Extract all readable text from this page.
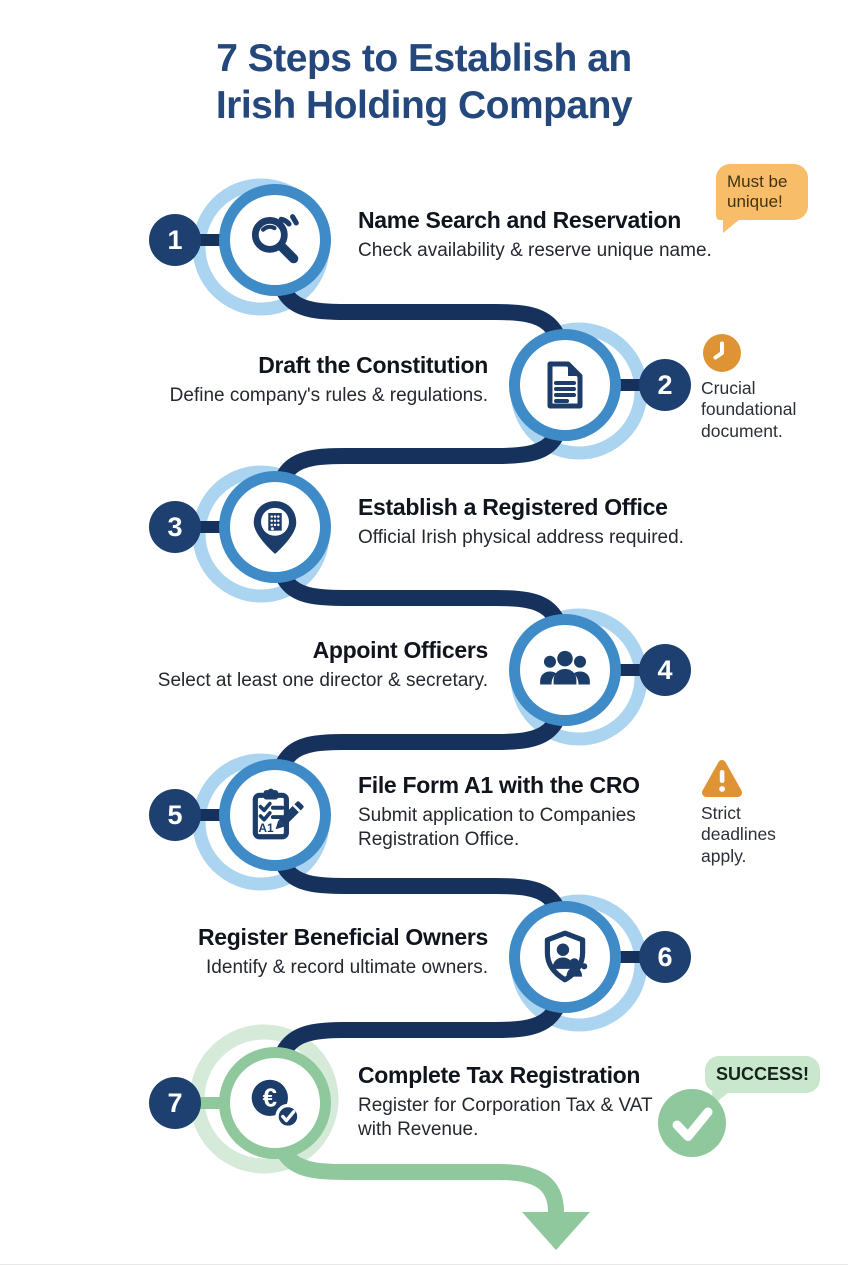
7 Steps to Establish an
Irish Holding Company
1
Name Search and Reservation
Check availability & reserve unique name.
Must be unique!
2
Draft the Constitution
Define company's rules & regulations.	Crucial foundational document.
3
Establish a Registered Office
Official Irish physical address required.
4
Appoint Officers
Select at least one director & secretary.
5	A1
File Form A1 with the CRO
Submit application to Companies Registration Office.
Strict deadlines apply.
6
Register Beneficial Owners
Identify & record ultimate owners.
7	€
Complete Tax Registration
Register for Corporation Tax & VAT with Revenue.
SUCCESS!
